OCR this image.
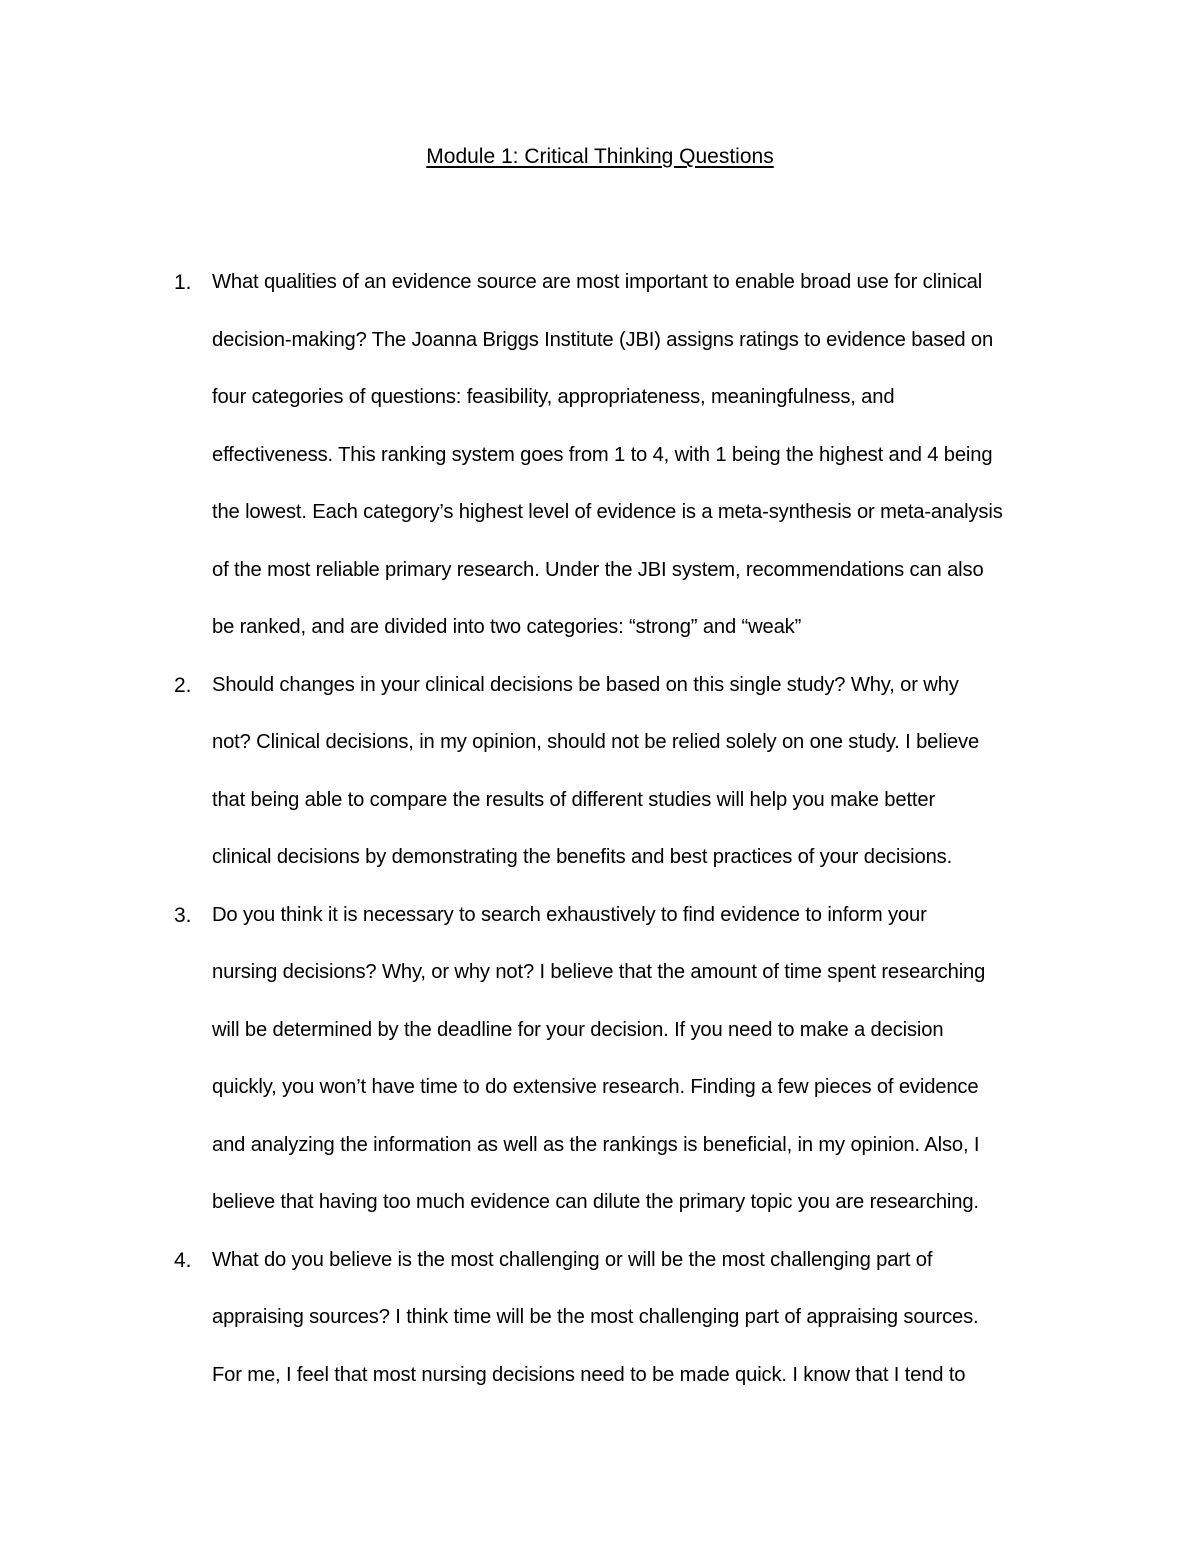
Module 1: Critical Thinking Questions
1. What qualities of an evidence source are most important to enable broad use for clinical
decision-making? The Joanna Briggs Institute (JBI) assigns ratings to evidence based on
four categories of questions: feasibility, appropriateness, meaningfulness, and
effectiveness. This ranking system goes from 1 to 4, with 1 being the highest and 4 being
the lowest. Each category’s highest level of evidence is a meta-synthesis or meta-analysis
of the most reliable primary research. Under the JBI system, recommendations can also
be ranked, and are divided into two categories: “strong” and “weak”
2. Should changes in your clinical decisions be based on this single study? Why, or why
not? Clinical decisions, in my opinion, should not be relied solely on one study. I believe
that being able to compare the results of different studies will help you make better
clinical decisions by demonstrating the benefits and best practices of your decisions.
3. Do you think it is necessary to search exhaustively to find evidence to inform your
nursing decisions? Why, or why not? I believe that the amount of time spent researching
will be determined by the deadline for your decision. If you need to make a decision
quickly, you won’t have time to do extensive research. Finding a few pieces of evidence
and analyzing the information as well as the rankings is beneficial, in my opinion. Also, I
believe that having too much evidence can dilute the primary topic you are researching.
4. What do you believe is the most challenging or will be the most challenging part of
appraising sources? I think time will be the most challenging part of appraising sources.
For me, I feel that most nursing decisions need to be made quick. I know that I tend to
